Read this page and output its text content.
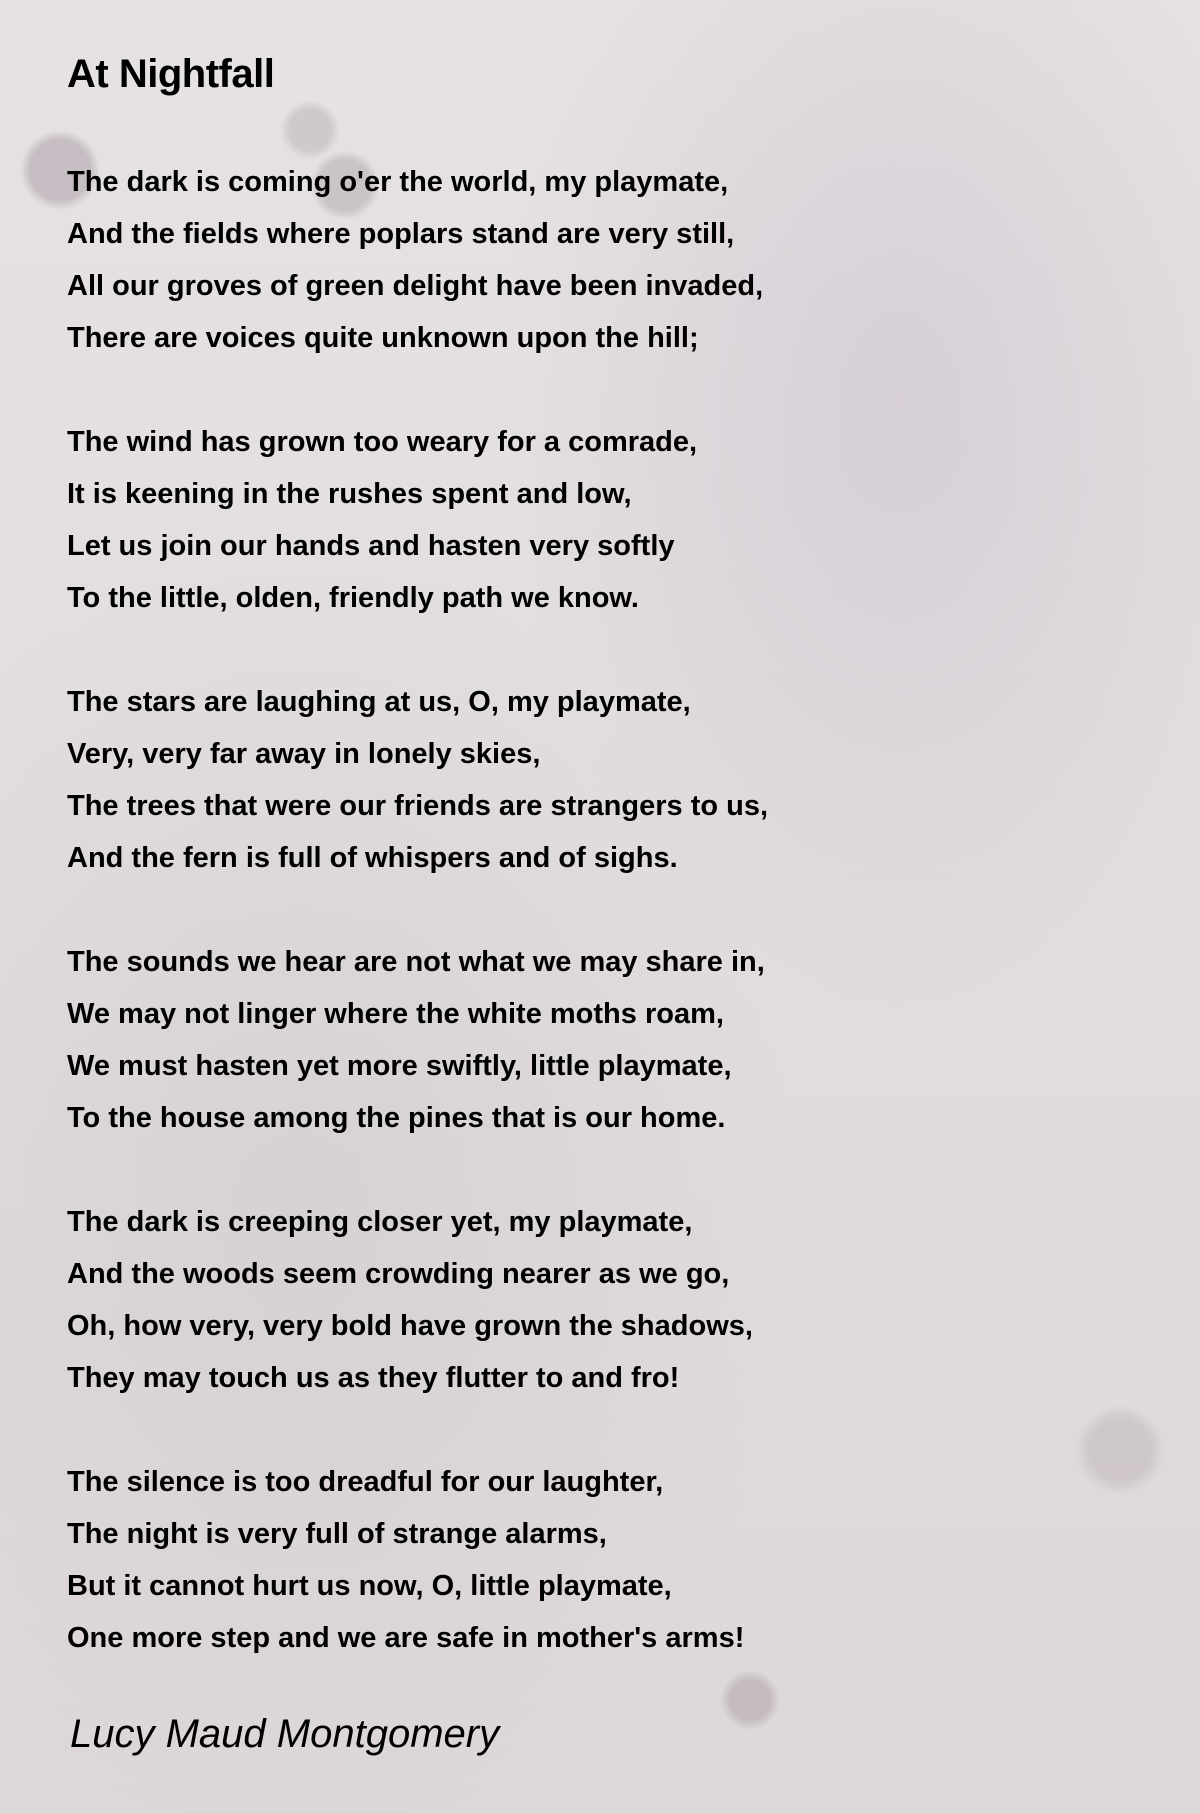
At Nightfall
The dark is coming o'er the world, my playmate,
And the fields where poplars stand are very still,
All our groves of green delight have been invaded,
There are voices quite unknown upon the hill;
The wind has grown too weary for a comrade,
It is keening in the rushes spent and low,
Let us join our hands and hasten very softly
To the little, olden, friendly path we know.
The stars are laughing at us, O, my playmate,
Very, very far away in lonely skies,
The trees that were our friends are strangers to us,
And the fern is full of whispers and of sighs.
The sounds we hear are not what we may share in,
We may not linger where the white moths roam,
We must hasten yet more swiftly, little playmate,
To the house among the pines that is our home.
The dark is creeping closer yet, my playmate,
And the woods seem crowding nearer as we go,
Oh, how very, very bold have grown the shadows,
They may touch us as they flutter to and fro!
The silence is too dreadful for our laughter,
The night is very full of strange alarms,
But it cannot hurt us now, O, little playmate,
One more step and we are safe in mother's arms!
Lucy Maud Montgomery
